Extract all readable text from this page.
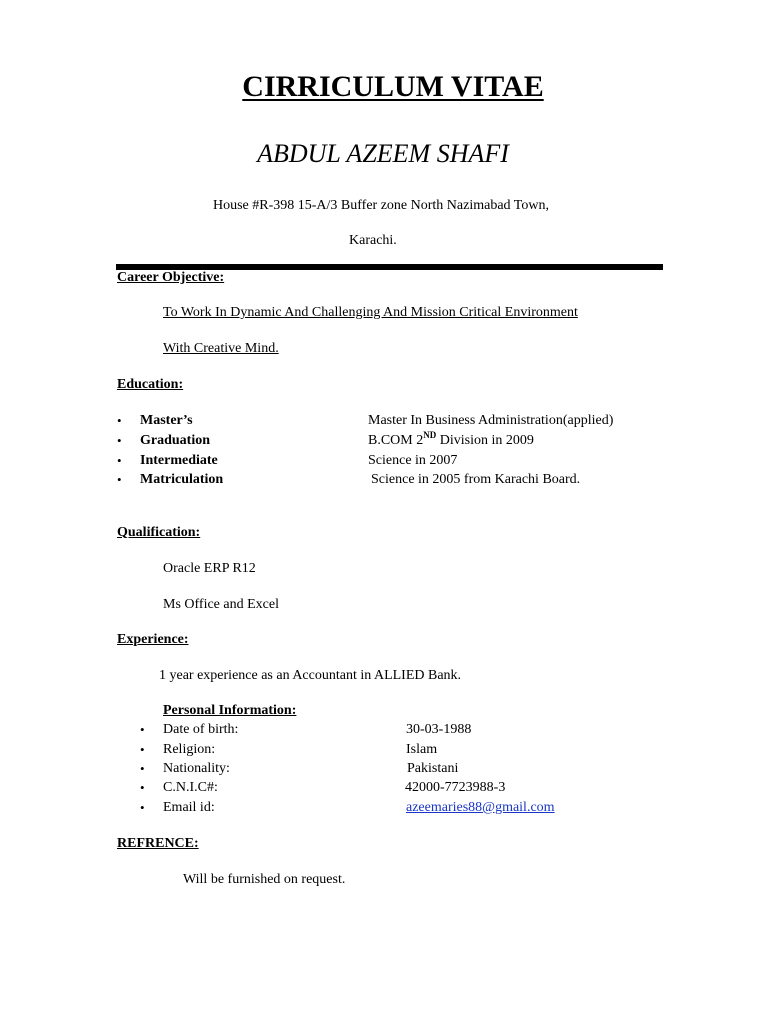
CIRRICULUM VITAE
ABDUL AZEEM SHAFI
House #R-398 15-A/3 Buffer zone North Nazimabad Town,
Karachi.
Career Objective:
To Work In Dynamic And Challenging And Mission Critical Environment
With Creative Mind.
Education:
• Master’s	Master In Business Administration(applied)
• Graduation	B.COM 2ND Division in 2009
• Intermediate	Science in 2007
• Matriculation	Science in 2005 from Karachi Board.
Qualification:
Oracle ERP R12
Ms Office and Excel
Experience:
1 year experience as an Accountant in ALLIED Bank.
Personal Information:
• Date of birth:	30-03-1988
• Religion:	Islam
• Nationality:	Pakistani
• C.N.I.C#:	42000-7723988-3
• Email id:	azeemaries88@gmail.com
REFRENCE:
Will be furnished on request.
